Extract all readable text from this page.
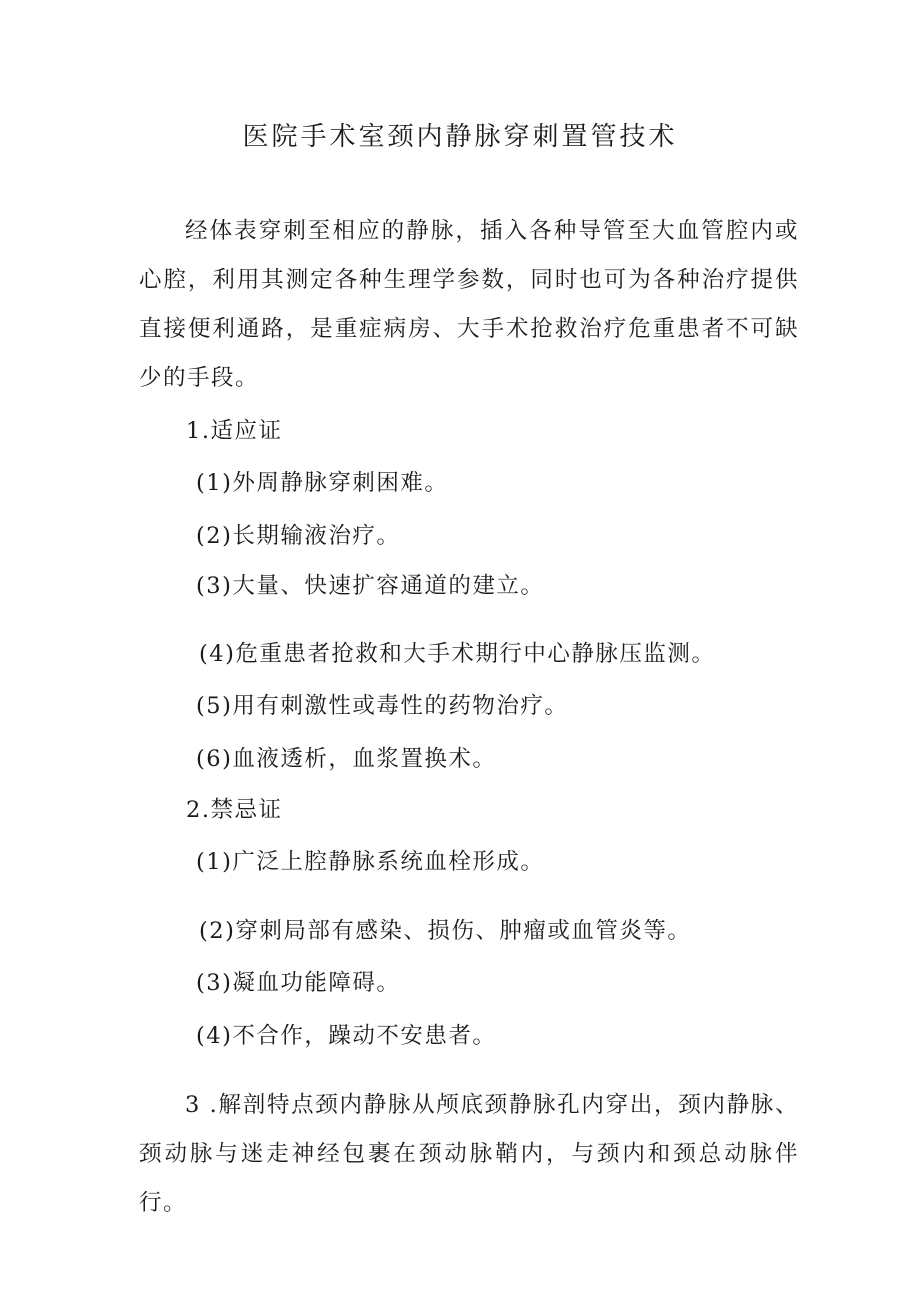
医院手术室颈内静脉穿刺置管技术

经体表穿刺至相应的静脉，插入各种导管至大血管腔内或心腔，利用其测定各种生理学参数，同时也可为各种治疗提供直接便利通路，是重症病房、大手术抢救治疗危重患者不可缺少的手段。

1.适应证
(1)外周静脉穿刺困难。
(2)长期输液治疗。
(3)大量、快速扩容通道的建立。
(4)危重患者抢救和大手术期行中心静脉压监测。
(5)用有刺激性或毒性的药物治疗。
(6)血液透析，血浆置换术。
2.禁忌证
(1)广泛上腔静脉系统血栓形成。
(2)穿刺局部有感染、损伤、肿瘤或血管炎等。
(3)凝血功能障碍。
(4)不合作，躁动不安患者。

3 .解剖特点颈内静脉从颅底颈静脉孔内穿出，颈内静脉、颈动脉与迷走神经包裹在颈动脉鞘内，与颈内和颈总动脉伴行。
